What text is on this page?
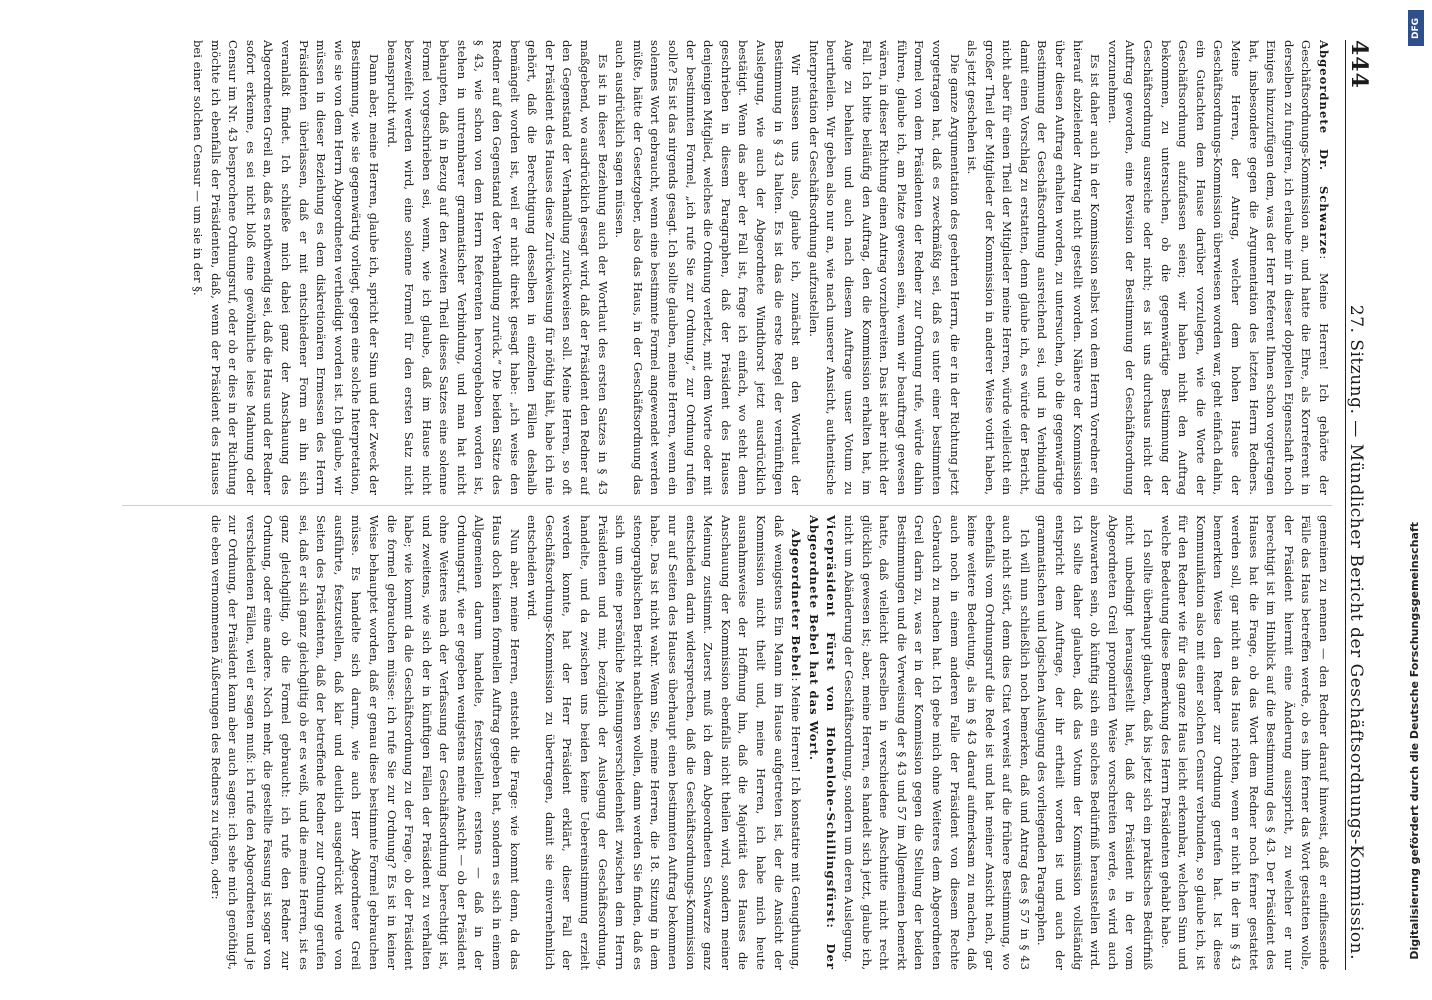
444
27. Sitzung. — Mündlicher Bericht der Geschäftsordnungs-Kommission.

Abgeordnete Dr. Schwarze: Meine Herren! Ich gehörte der Geschäftsordnungs-Kommission an, und hatte die Ehre, als Korreferent in derselben zu fungiren, ich erlaube mir in dieser doppelten Eigenschaft noch Einiges hinzuzufügen dem, was der Herr Referent Ihnen schon vorgetragen hat, insbesondere gegen die Argumentation des letzten Herrn Redners. Meine Herren, der Antrag, welcher dem hohen Hause der Geschäftsordnungs-Kommission überwiesen worden war, geht einfach dahin, ein Gutachten dem Hause darüber vorzulegen, wie die Worte der Geschäftsordnung aufzufassen seien; wir haben nicht den Auftrag bekommen, zu untersuchen, ob die gegenwärtige Bestimmung der Geschäftsordnung ausreiche oder nicht; es ist uns durchaus nicht der Auftrag geworden, eine Revision der Bestimmung der Geschäftsordnung vorzunehmen.

Es ist daher auch in der Kommission selbst von dem Herrn Vorredner ein hierauf abzielender Antrag nicht gestellt worden. Nähere der Kommission über diesen Auftrag erhalten worden, zu untersuchen, ob die gegenwärtige Bestimmung der Geschäftsordnung ausreichend sei, und in Verbindung damit einen Vorschlag zu erstatten, denn glaube ich, es würde der Bericht, nicht aber für einen Theil der Mitglieder meine Herren, würde vielleicht ein großer Theil der Mitglieder der Kommission in anderer Weise votirt haben, als jetzt geschehen ist.

Die ganze Argumentation des geehrten Herrn, die er in der Richtung jetzt vorgetragen hat, daß es zweckmäßig sei, daß es unter einer bestimmten Formel von dem Präsidenten der Redner zur Ordnung rufe, würde dahin führen, glaube ich, am Platze gewesen sein, wenn wir beauftragt gewesen wären, in dieser Richtung einen Antrag vorzubereiten. Das ist aber nicht der Fall. Ich bitte beiläufig den Auftrag, den die Kommission erhalten hat, im Auge zu behalten und auch nach diesem Auftrage unser Votum zu beurtheilen. Wir geben also nur an, wie nach unserer Ansicht, authentische Interpretation der Geschäftsordnung aufzustellen.

Wir müssen uns also, glaube ich, zunächst an den Wortlaut der Bestimmung in § 43 halten. Es ist das die erste Regel der vernünftigen Auslegung, wie auch der Abgeordnete Windthorst jetzt ausdrücklich bestätigt. Wenn das aber der Fall ist, frage ich einfach, wo steht denn geschrieben in diesem Paragraphen, daß der Präsident des Hauses denjenigen Mitglied, welches die Ordnung verletzt, mit dem Worte oder mit der bestimmten Formel, „ich rufe Sie zur Ordnung,“ zur Ordnung rufen solle? Es ist das nirgends gesagt. Ich sollte glauben, meine Herren, wenn ein solennes Wort gebraucht, wenn eine bestimmte Formel angewendet werden müßte, hätte der Gesetzgeber, also das Haus, in der Geschäftsordnung das auch ausdrücklich sagen müssen.

Es ist in dieser Beziehung auch der Wortlaut des ersten Satzes in § 43 maßgebend, wo ausdrücklich gesagt wird, daß der Präsident den Redner auf den Gegenstand der Verhandlung zurückweisen soll. Meine Herren, so oft der Präsident des Hauses diese Zurückweisung für nöthig hält, habe ich nie gehört, daß die Berechtigung desselben in einzelnen Fällen deshalb bemängelt worden ist, weil er nicht direkt gesagt habe: „ich weise den Redner auf den Gegenstand der Verhandlung zurück.“ Die beiden Sätze des § 43, wie schon von dem Herrn Referenten hervorgehoben worden ist, stehen in untrennbarer grammatischer Verbindung, und man hat nicht behaupten, daß in Bezug auf den zweiten Theil dieses Satzes eine solenne Formel vorgeschrieben sei, wenn, wie ich glaube, daß im Hause nicht bezweifelt werden wird, eine solenne Formel für den ersten Satz nicht beansprucht wird.

Dann aber, meine Herren, glaube ich, spricht der Sinn und der Zweck der Bestimmung, wie sie gegenwärtig vorliegt, gegen eine solche Interpretation, wie sie von dem Herrn Abgeordneten vertheidigt worden ist. Ich glaube, wir müssen in dieser Beziehung es dem diskretionären Ermessen des Herrn Präsidenten überlassen, daß er mit entschiedener Form an ihn sich veranlaßt findet. Ich schließe mich dabei ganz der Anschauung des Abgeordneten Greil an, daß es nothwendig sei, daß die Haus und der Redner sofort erkenne, es sei nicht bloß eine gewöhnliche leise Mahnung oder Censur im Nr. 43 besprochene Ordnungsruf, oder ob er dies in der Richtung möchte ich ebenfalls der Präsidenten, daß, wenn der Präsident des Hauses bei einer solchen Censur — um sie in der §.

gemeinen zu nennen — den Redner darauf hinweist, daß er einfliessende Fälle das Haus betreffen werde, ob es ihm ferner das Wort gestatten wolle, der Präsident hiermit eine Änderung ausspricht, zu welcher er nur berechtigt ist im Hinblick auf die Bestimmung des § 43. Der Präsident des Hauses hat die Frage, ob das Wort dem Redner noch ferner gestattet werden soll, gar nicht an das Haus richten, wenn er nicht in der im § 43 bemerkten Weise den Redner zur Ordnung gerufen hat. Ist diese Kommunikation also mit einer solchen Censur verbunden, so glaube ich, ist für den Redner wie für das ganze Haus leicht erkennbar, welchen Sinn und welche Bedeutung diese Bemerkung des Herrn Präsidenten gehabt habe.

Ich sollte überhaupt glauben, daß bis jetzt sich ein praktisches Bedürfniß nicht unbedingt herausgestellt hat, daß der Präsident in der vom Abgeordneten Greil proponirten Weise vorschreiten werde, es wird auch abzuwarten sein, ob künftig sich ein solches Bedürfniß herausstellen wird. Ich sollte daher glauben, daß das Votum der Kommission vollständig entspricht dem Auftrage, der ihr ertheilt worden ist und auch der grammatischen und logischen Auslegung des vorliegenden Paragraphen.

Ich will nun schließlich noch bemerken, daß und Antrag des § 57 in § 43 auch nicht stört, denn dies Citat verweist auf die frühere Bestimmung, wo ebenfalls vom Ordnungsruf die Rede ist und hat meiner Ansicht nach, gar keine weitere Bedeutung, als im § 43 darauf aufmerksam zu machen, daß auch noch in einem anderen Falle der Präsident von diesem Rechte Gebrauch zu machen hat. Ich gebe mich ohne Weiteres dem Abgeordneten Greil darin zu, was er in der Kommission gegen die Stellung der beiden Bestimmungen und die Verweisung der § 43 und 57 im Allgemeinen bemerkt hatte, daß vielleicht derselben in verschiedene Abschnitte nicht recht glücklich gewesen ist; aber, meine Herren, es handelt sich jetzt, glaube ich, nicht um Abänderung der Geschäftsordnung, sondern um deren Auslegung.

Vicepräsident Fürst von Hohenlohe-Schillingsfürst: Der Abgeordnete Bebel hat das Wort.

Abgeordneter Bebel: Meine Herren! Ich konstatire mit Genugthuung, daß wenigstens Ein Mann im Hause aufgetreten ist, der die Ansicht der Kommission nicht theilt und, meine Herren, ich habe mich heute ausnahmsweise der Hoffnung hin, daß die Majorität des Hauses die Anschauung der Kommission ebenfalls nicht theilen wird, sondern meiner Meinung zustimmt. Zuerst muß ich dem Abgeordneten Schwarze ganz entschieden darin widersprechen, daß die Geschäftsordnungs-Kommission nur auf Seiten des Hauses überhaupt einen bestimmten Auftrag bekommen habe. Das ist nicht wahr. Wenn Sie, meine Herren, die 18. Sitzung in dem stenographischen Bericht nachlesen wollen, dann werden Sie finden, daß es sich um eine persönliche Meinungsverschiedenheit zwischen dem Herrn Präsidenten und mir, bezüglich der Auslegung der Geschäftsordnung, handelte, und da zwischen uns beiden keine Uebereinstimmung erzielt werden konnte, hat der Herr Präsident erklärt, dieser Fall der Geschäftsordnungs-Kommission zu übertragen, damit sie einvernehmlich entscheiden wird.

Nun aber, meine Herren, entsteht die Frage: wie kommt denn, da das Haus doch keinen formellen Auftrag gegeben hat, sondern es sich in einem Allgemeinen darum handelte, festzustellen: erstens — daß in der Ordnungsruf, wie er gegeben wenigstens meine Ansicht — ob der Präsident ohne Weiteres nach der Verfassung der Geschäftsordnung berechtigt ist, und zweitens, wie sich der in künftigen Fällen der Präsident zu verhalten habe; wie kommt da die Geschäftsordnung zu der Frage, ob der Präsident die formel gebrauchen müsse: ich rufe Sie zur Ordnung? Es ist in keiner Weise behauptet worden, daß er genau diese bestimmte Formel gebrauchen müsse. Es handelte sich darum, wie auch Herr Abgeordneter Greil ausführte, festzustellen, daß klar und deutlich ausgedrückt werde von Seiten des Präsidenten, daß der betreffende Redner zur Ordnung gerufen sei, daß er sich ganz gleichgiltig ob er es weiß, und die meine Herren, ist es ganz gleichgiltig, ob die Formel gebraucht: ich rufe den Redner zur Ordnung, oder eine andere. Noch mehr, die gestellte Fassung ist sogar von verschiedenen Fällen, weil er sagen muß: ich rufe den Abgeordneten und je zur Ordnung, der Präsident kann aber auch sagen: ich sehe mich genöthigt, die eben vernommenen Äußerungen des Redners zu rügen, oder:	Digitalisierung gefördert durch die Deutsche Forschungsgemeinschaft
DFG
